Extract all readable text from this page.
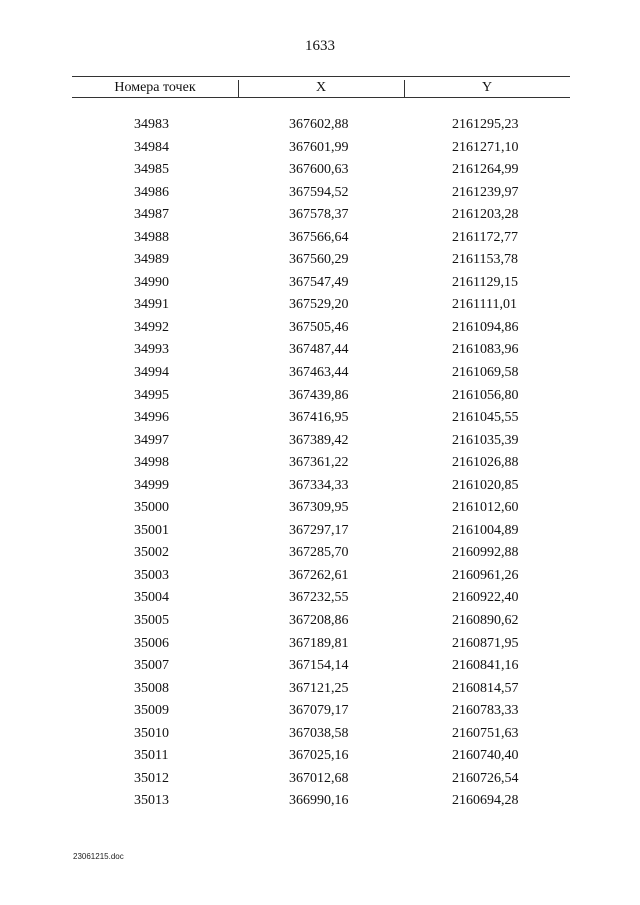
1633
Номера точек	X	Y
34983	367602,88	2161295,23
34984	367601,99	2161271,10
34985	367600,63	2161264,99
34986	367594,52	2161239,97
34987	367578,37	2161203,28
34988	367566,64	2161172,77
34989	367560,29	2161153,78
34990	367547,49	2161129,15
34991	367529,20	2161111,01
34992	367505,46	2161094,86
34993	367487,44	2161083,96
34994	367463,44	2161069,58
34995	367439,86	2161056,80
34996	367416,95	2161045,55
34997	367389,42	2161035,39
34998	367361,22	2161026,88
34999	367334,33	2161020,85
35000	367309,95	2161012,60
35001	367297,17	2161004,89
35002	367285,70	2160992,88
35003	367262,61	2160961,26
35004	367232,55	2160922,40
35005	367208,86	2160890,62
35006	367189,81	2160871,95
35007	367154,14	2160841,16
35008	367121,25	2160814,57
35009	367079,17	2160783,33
35010	367038,58	2160751,63
35011	367025,16	2160740,40
35012	367012,68	2160726,54
35013	366990,16	2160694,28
23061215.doc
